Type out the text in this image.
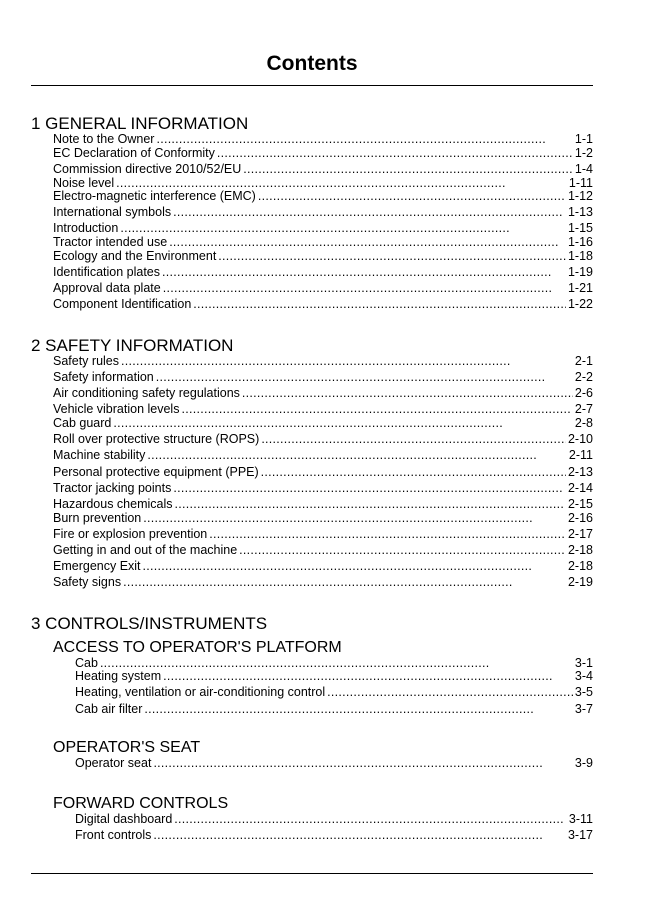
Contents
1 GENERAL INFORMATION
Note to the Owner . . .	1-1
EC Declaration of Conformity . . .	1-2
Commission directive 2010/52/EU . . .	1-4
Noise level . . .	1-11
Electro-magnetic interference (EMC) . . .	1-12
International symbols . . .	1-13
Introduction . . .	1-15
Tractor intended use . . .	1-16
Ecology and the Environment . . .	1-18
Identification plates . . .	1-19
Approval data plate . . .	1-21
Component Identification . . .	1-22
2 SAFETY INFORMATION
Safety rules . . .	2-1
Safety information . . .	2-2
Air conditioning safety regulations . . .	2-6
Vehicle vibration levels . . .	2-7
Cab guard . . .	2-8
Roll over protective structure (ROPS) . . .	2-10
Machine stability . . .	2-11
Personal protective equipment (PPE) . . .	2-13
Tractor jacking points . . .	2-14
Hazardous chemicals . . .	2-15
Burn prevention . . .	2-16
Fire or explosion prevention . . .	2-17
Getting in and out of the machine . . .	2-18
Emergency Exit . . .	2-18
Safety signs . . .	2-19
3 CONTROLS/INSTRUMENTS
ACCESS TO OPERATOR'S PLATFORM
Cab . . .	3-1
Heating system . . .	3-4
Heating, ventilation or air-conditioning control . . .	3-5
Cab air filter . . .	3-7
OPERATOR'S SEAT
Operator seat . . .	3-9
FORWARD CONTROLS
Digital dashboard . . .	3-11
Front controls . . .	3-17
